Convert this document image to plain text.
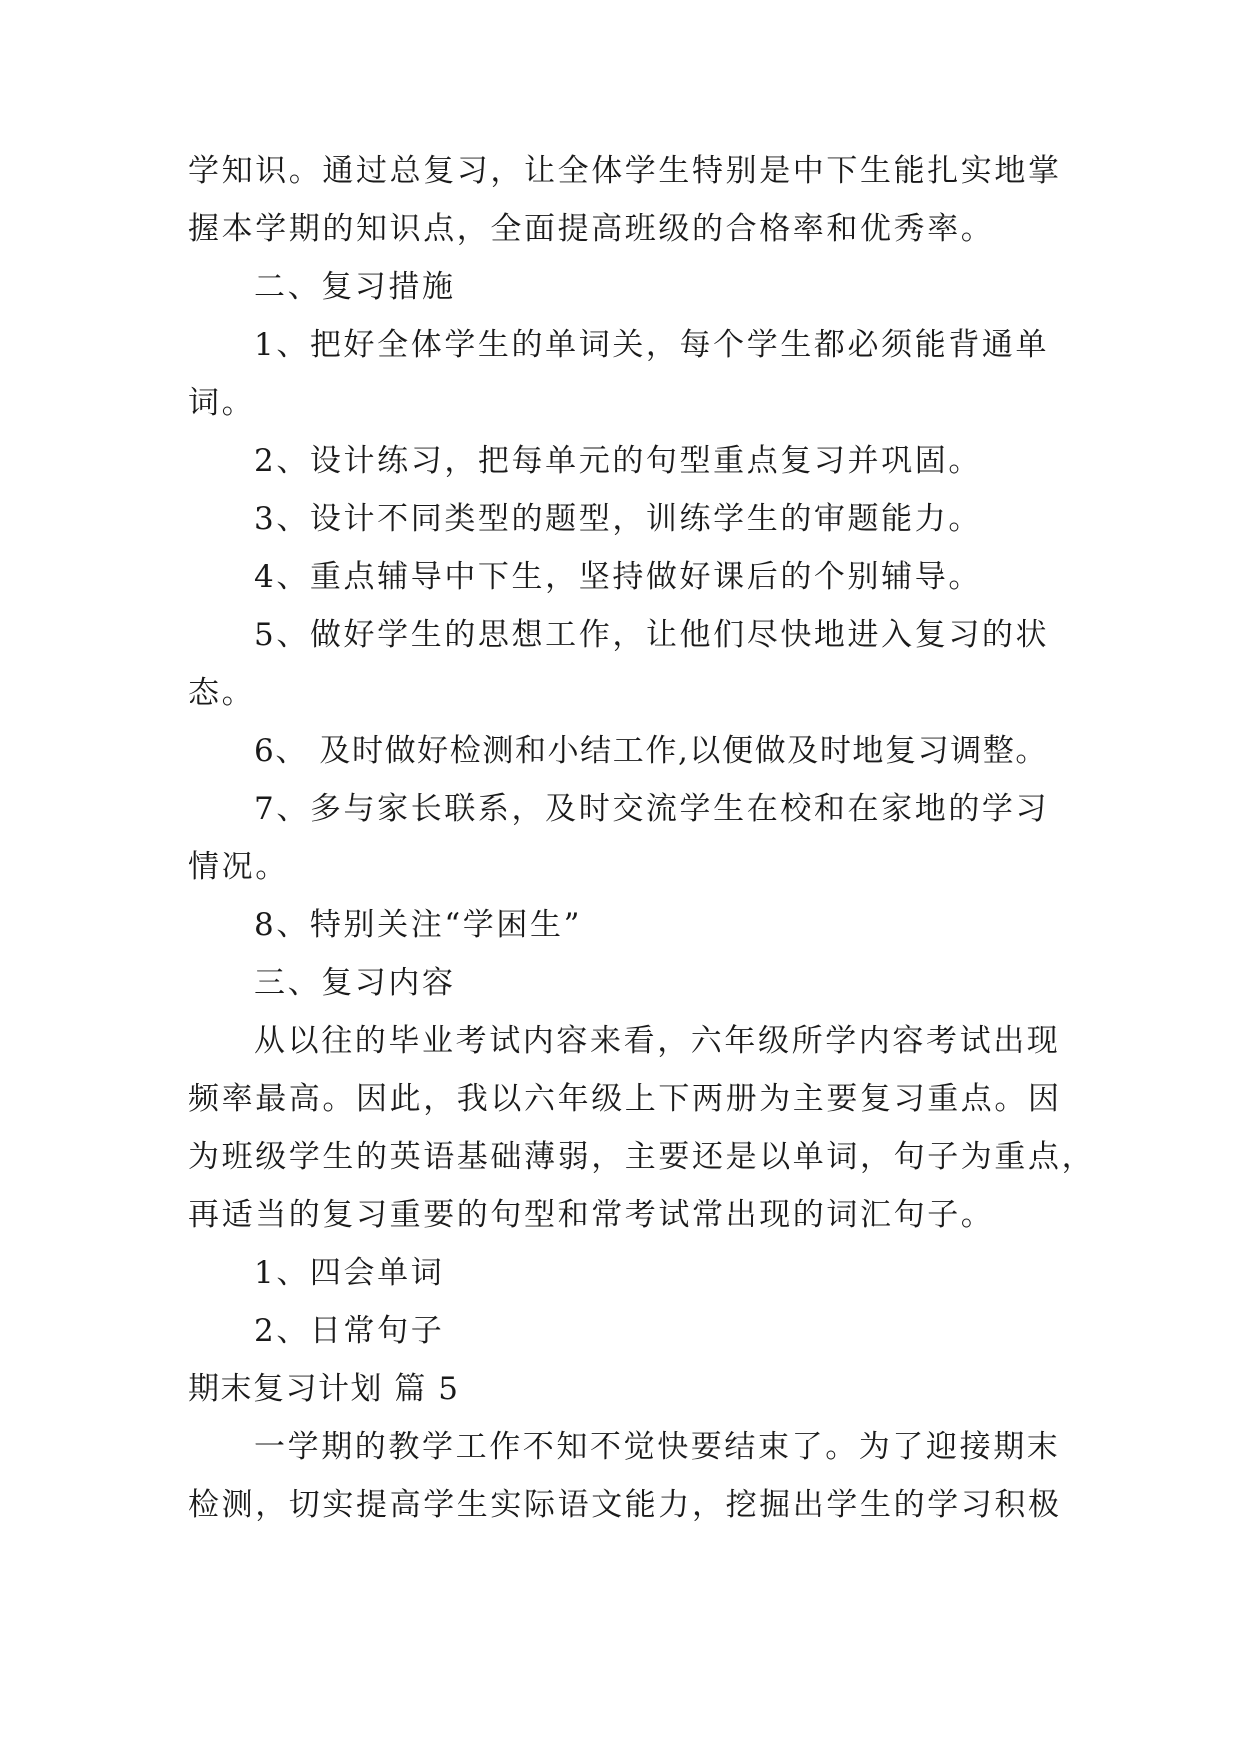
学知识。通过总复习，让全体学生特别是中下生能扎实地掌
握本学期的知识点，全面提高班级的合格率和优秀率。
二、复习措施
1、把好全体学生的单词关，每个学生都必须能背通单
词。
2、设计练习，把每单元的句型重点复习并巩固。
3、设计不同类型的题型，训练学生的审题能力。
4、重点辅导中下生，坚持做好课后的个别辅导。
5、做好学生的思想工作，让他们尽快地进入复习的状
态。
6、 及时做好检测和小结工作,以便做及时地复习调整。
7、多与家长联系，及时交流学生在校和在家地的学习
情况。
8、特别关注“学困生”
三、复习内容
从以往的毕业考试内容来看，六年级所学内容考试出现
频率最高。因此，我以六年级上下两册为主要复习重点。因
为班级学生的英语基础薄弱，主要还是以单词，句子为重点，
再适当的复习重要的句型和常考试常出现的词汇句子。
1、四会单词
2、日常句子
期末复习计划 篇 5
一学期的教学工作不知不觉快要结束了。为了迎接期末
检测，切实提高学生实际语文能力，挖掘出学生的学习积极
